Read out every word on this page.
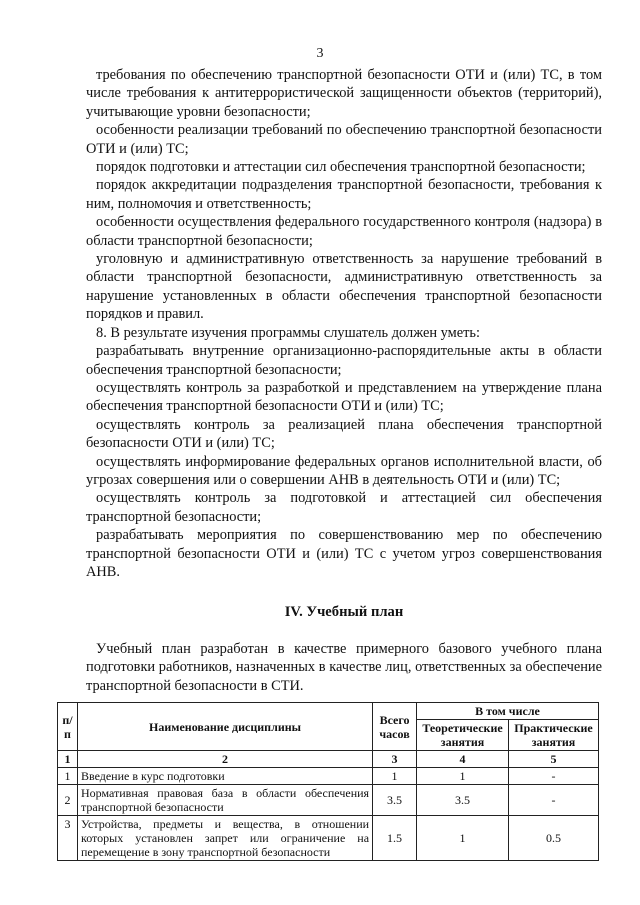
3

требования по обеспечению транспортной безопасности ОТИ и (или) ТС, в том числе требования к антитеррористической защищенности объектов (территорий), учитывающие уровни безопасности;

особенности реализации требований по обеспечению транспортной безопасности ОТИ и (или) ТС;

порядок подготовки и аттестации сил обеспечения транспортной безопасности;

порядок аккредитации подразделения транспортной безопасности, требования к ним, полномочия и ответственность;

особенности осуществления федерального государственного контроля (надзора) в области транспортной безопасности;

уголовную и административную ответственность за нарушение требований в области транспортной безопасности, административную ответственность за нарушение установленных в области обеспечения транспортной безопасности порядков и правил.

8. В результате изучения программы слушатель должен уметь:

разрабатывать внутренние организационно-распорядительные акты в области обеспечения транспортной безопасности;

осуществлять контроль за разработкой и представлением на утверждение плана обеспечения транспортной безопасности ОТИ и (или) ТС;

осуществлять контроль за реализацией плана обеспечения транспортной безопасности ОТИ и (или) ТС;

осуществлять информирование федеральных органов исполнительной власти, об угрозах совершения или о совершении АНВ в деятельность ОТИ и (или) ТС;

осуществлять контроль за подготовкой и аттестацией сил обеспечения транспортной безопасности;

разрабатывать мероприятия по совершенствованию мер по обеспечению транспортной безопасности ОТИ и (или) ТС с учетом угроз совершенствования АНВ.

IV. Учебный план

Учебный план разработан в качестве примерного базового учебного плана подготовки работников, назначенных в качестве лиц, ответственных за обеспечение транспортной безопасности в СТИ.

п/п	Наименование дисциплины	Всего часов	В том числе	
			Теоретические занятия	Практические занятия
1	2	3	4	5
1	Введение в курс подготовки	1	1	-
2	Нормативная правовая база в области обеспечения транспортной безопасности	3.5	3.5	-
3	Устройства, предметы и вещества, в отношении которых установлен запрет или ограничение на перемещение в зону транспортной безопасности	1.5	1	0.5
